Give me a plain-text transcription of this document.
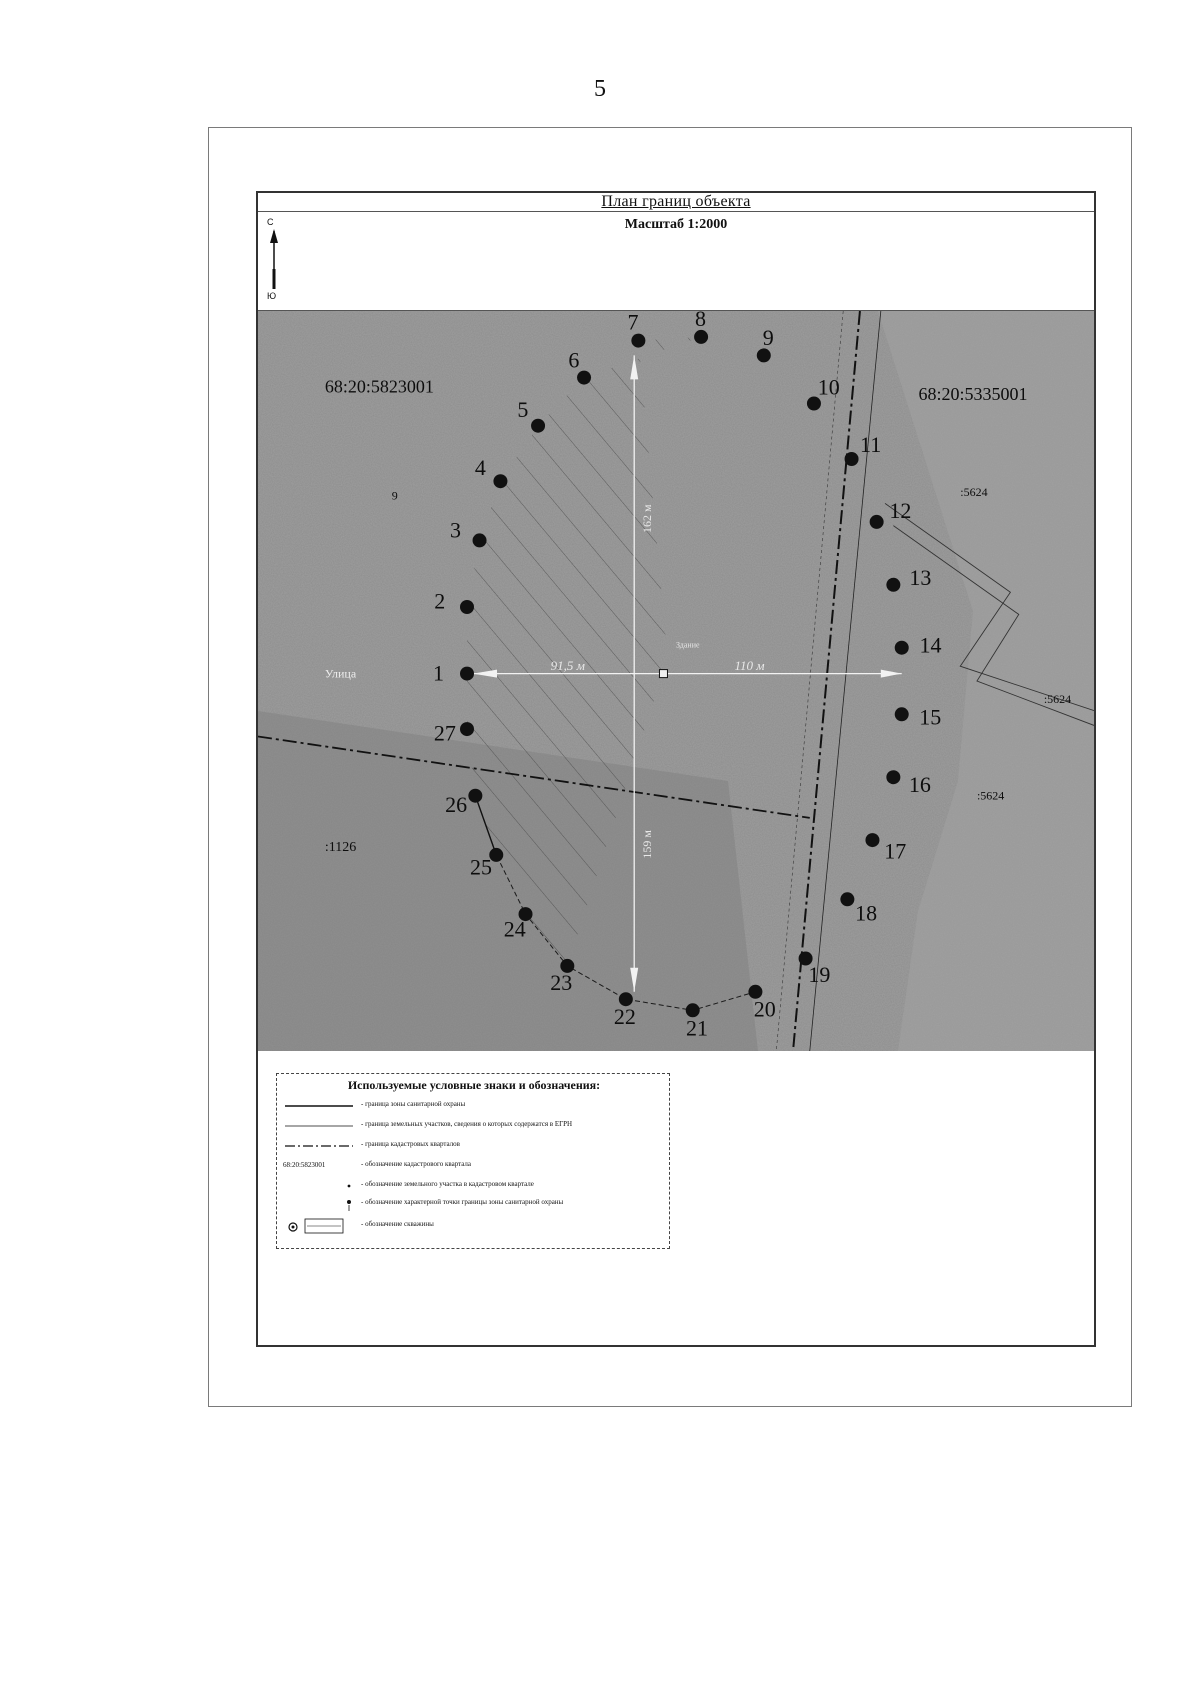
5
План границ объекта
Масштаб 1:2000
С
Ю
68:20:5823001	68:20:5335001
9	:5624
:5624
:5624
:1126
Улица
91,5 м	110 м
162 м
159 м
Здание
1
2
3
4
5
6
7	8
9
10
11
12
13
14
15
16
17
18
19
20
21
22
23
24
25
26
27
Используемые условные знаки и обозначения:
- граница зоны санитарной охраны
- граница земельных участков, сведения о которых содержатся в ЕГРН
- граница кадастровых кварталов
68:20:5823001	- обозначение кадастрового квартала
- обозначение земельного участка в кадастровом квартале
- обозначение характерной точки границы зоны санитарной охраны
- обозначение скважины
